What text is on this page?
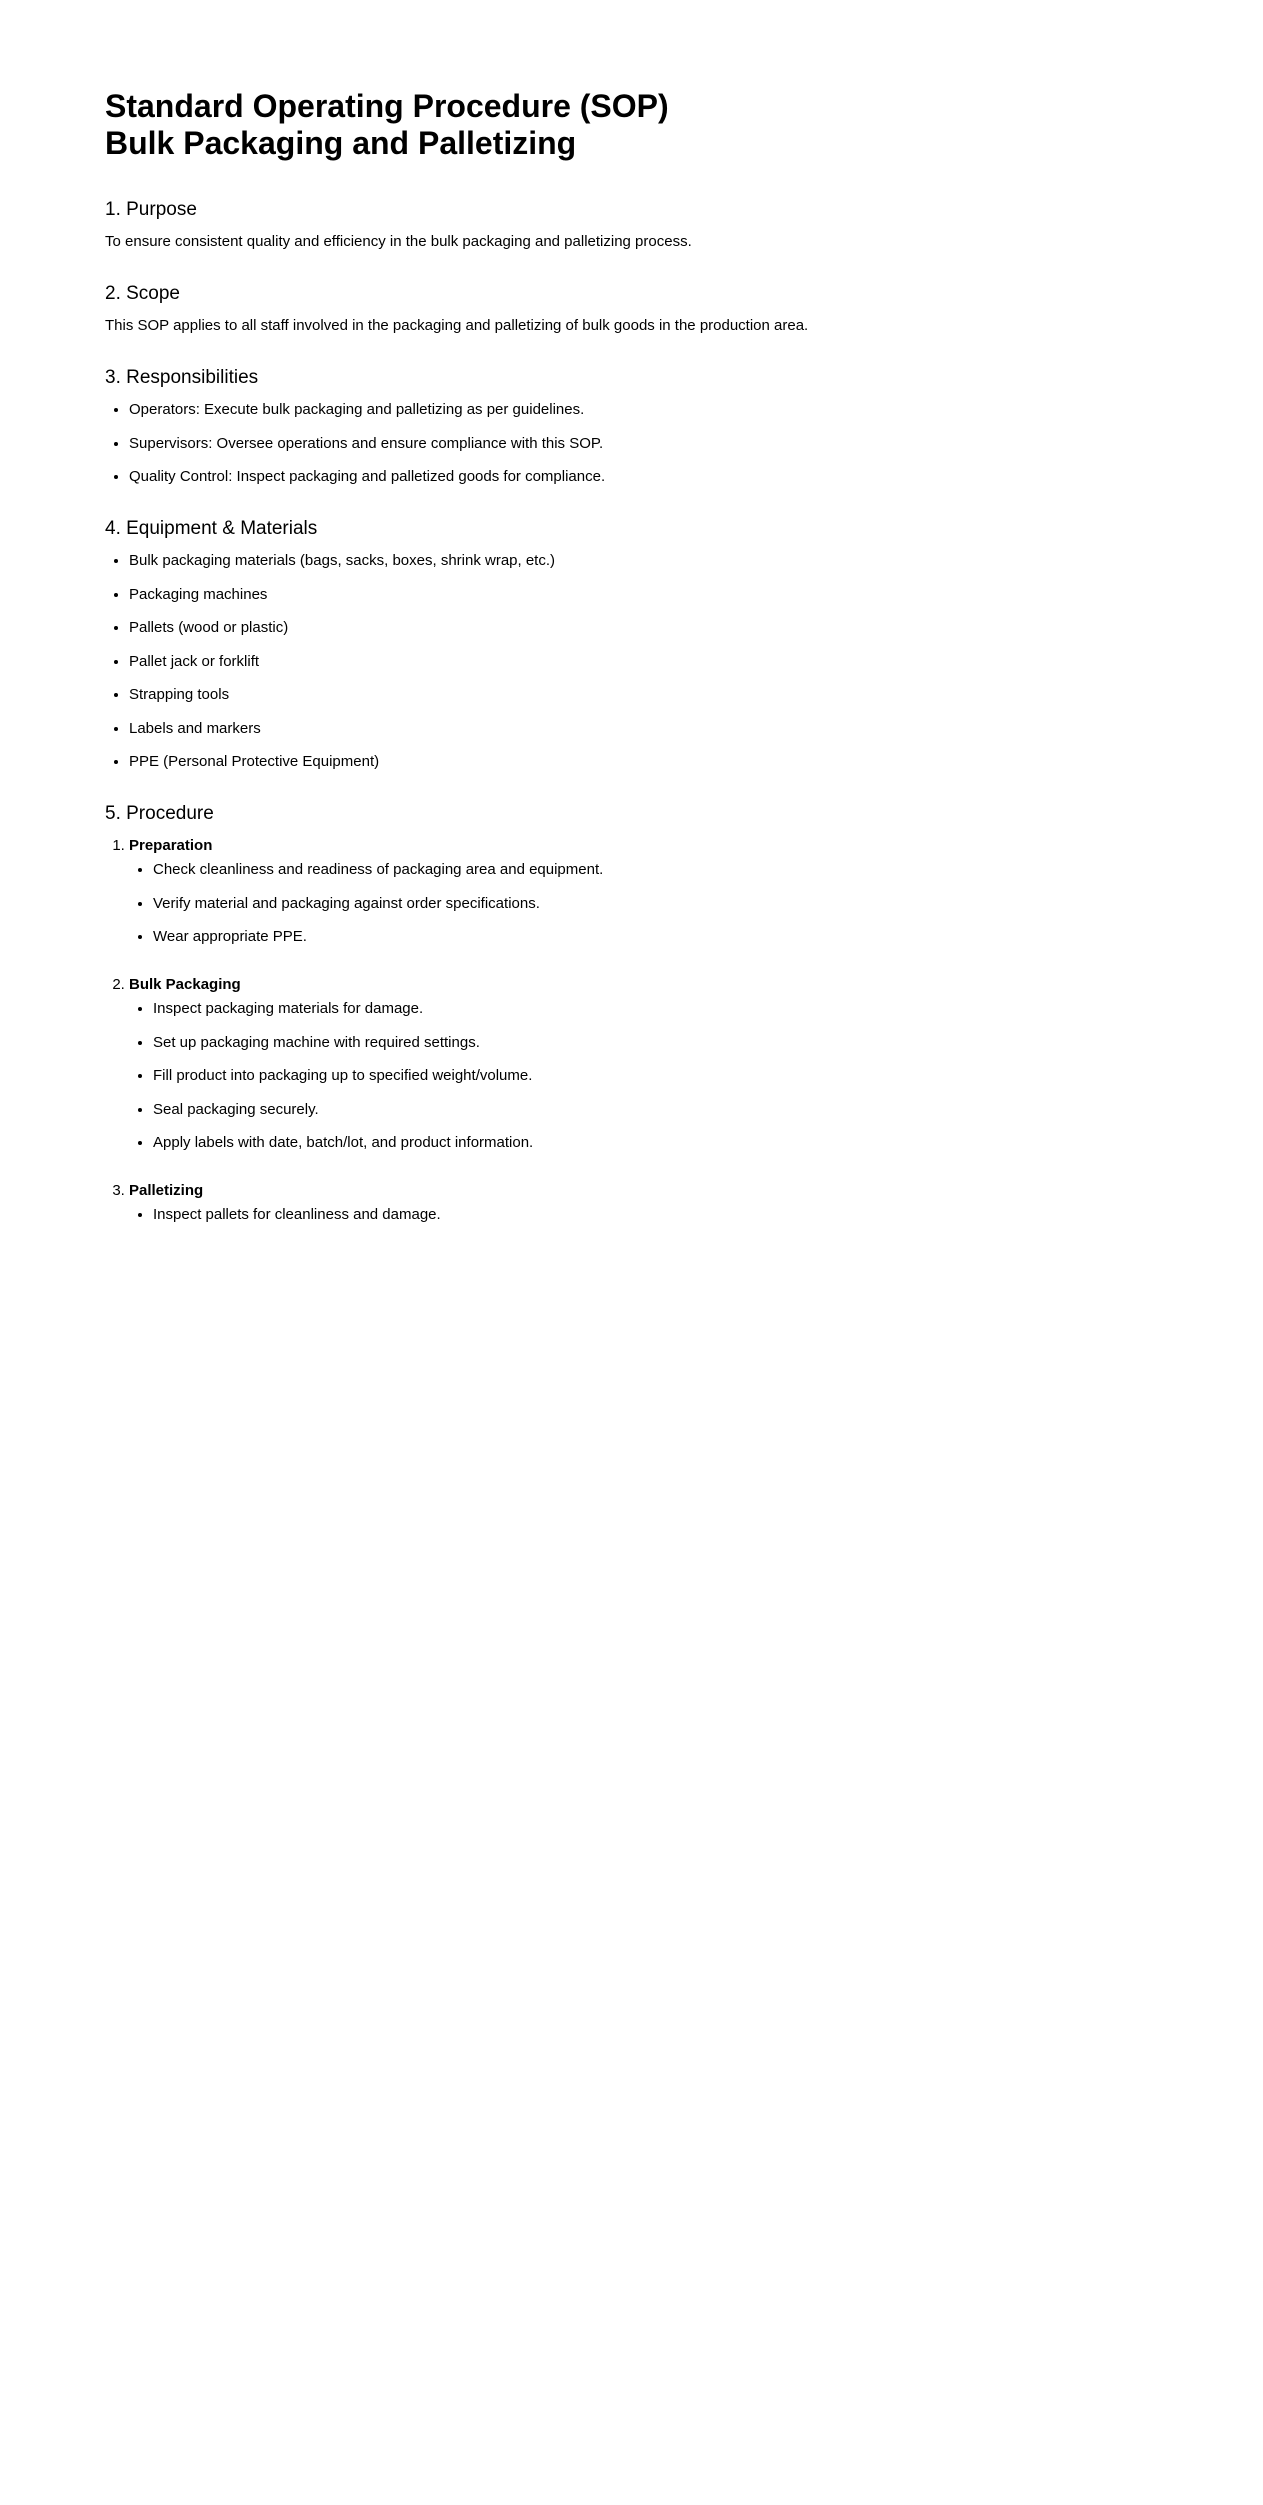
Standard Operating Procedure (SOP)
Bulk Packaging and Palletizing
1. Purpose

To ensure consistent quality and efficiency in the bulk packaging and palletizing process.

2. Scope

This SOP applies to all staff involved in the packaging and palletizing of bulk goods in the production area.

3. Responsibilities
• Operators: Execute bulk packaging and palletizing as per guidelines.
• Supervisors: Oversee operations and ensure compliance with this SOP.
• Quality Control: Inspect packaging and palletized goods for compliance.
4. Equipment & Materials
• Bulk packaging materials (bags, sacks, boxes, shrink wrap, etc.)
• Packaging machines
• Pallets (wood or plastic)
• Pallet jack or forklift
• Strapping tools
• Labels and markers
• PPE (Personal Protective Equipment)
5. Procedure
1. Preparation
• Check cleanliness and readiness of packaging area and equipment.
• Verify material and packaging against order specifications.
• Wear appropriate PPE.
2. Bulk Packaging
• Inspect packaging materials for damage.
• Set up packaging machine with required settings.
• Fill product into packaging up to specified weight/volume.
• Seal packaging securely.
• Apply labels with date, batch/lot, and product information.
3. Palletizing
• Inspect pallets for cleanliness and damage.
